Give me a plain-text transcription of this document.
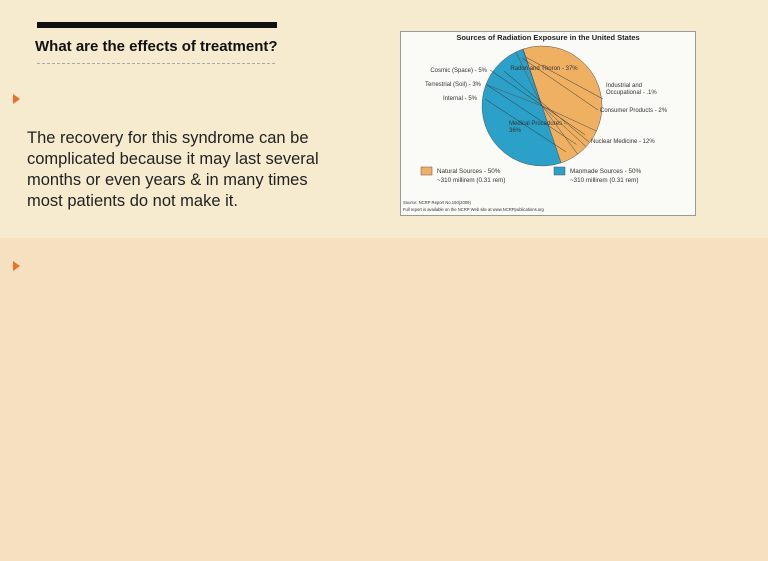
What are the effects of treatment?
The recovery for this syndrome can be complicated because it may last several months or even years & in many times most patients do not make it.
Sources of Radiation Exposure in the United States
Radon and Thoron - 37%
Cosmic (Space) - 5%
Terrestrial (Soil) - 3%
Internal - 5%
Medical Procedures -36%
Nuclear Medicine - 12%
Consumer Products - 2%
Industrial and Occupational - .1%
Natural Sources - 50%
~310 millirem (0.31 rem)
Manmade Sources - 50%
~310 millirem (0.31 rem)
Source: NCRP Report No.160(2009)
Full report is available on the NCRP Web site at www.NCRPpublications.org
